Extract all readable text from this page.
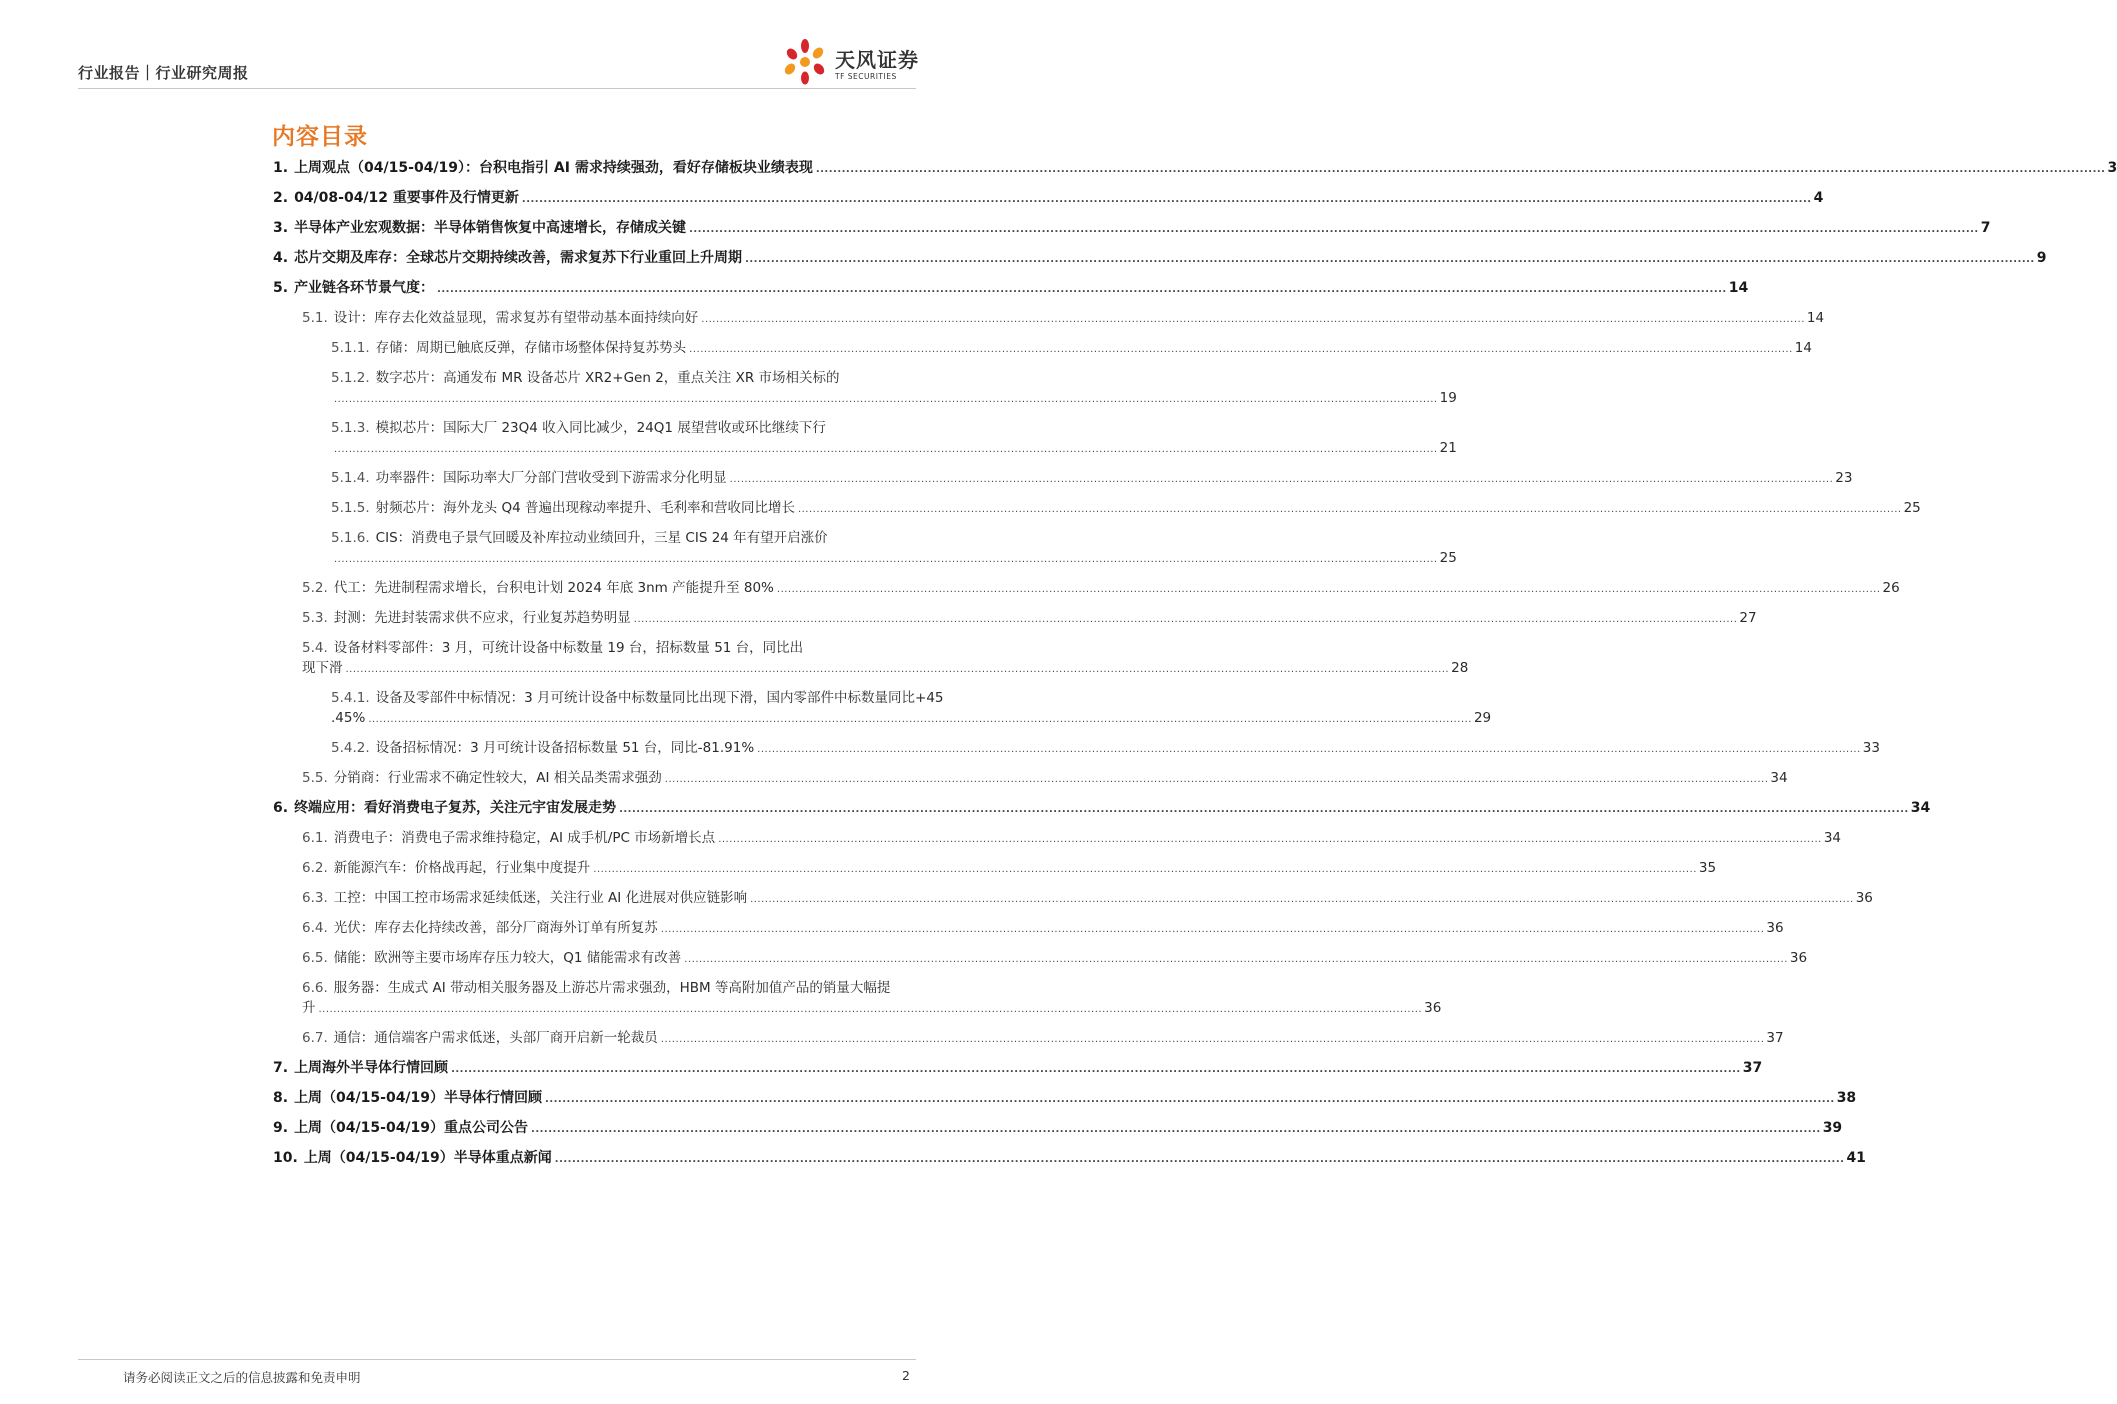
行业报告｜行业研究周报
天风证券
TF SECURITIES
内容目录
1. 上周观点（04/15-04/19）：台积电指引 AI 需求持续强劲，看好存储板块业绩表现 ............................................................................................................................................................................................................................................................................................................ 3
2. 04/08-04/12 重要事件及行情更新 ............................................................................................................................................................................................................................................................................................................ 4
3. 半导体产业宏观数据：半导体销售恢复中高速增长，存储成关键 ............................................................................................................................................................................................................................................................................................................ 7
4. 芯片交期及库存：全球芯片交期持续改善，需求复苏下行业重回上升周期 ............................................................................................................................................................................................................................................................................................................ 9
5. 产业链各环节景气度： ............................................................................................................................................................................................................................................................................................................ 14
5.1. 设计：库存去化效益显现，需求复苏有望带动基本面持续向好 ............................................................................................................................................................................................................................................................................................................ 14
5.1.1. 存储：周期已触底反弹，存储市场整体保持复苏势头 ............................................................................................................................................................................................................................................................................................................ 14
5.1.2. 数字芯片：高通发布 MR 设备芯片 XR2+Gen 2，重点关注 XR 市场相关标的
............................................................................................................................................................................................................................................................................................................ 19
5.1.3. 模拟芯片：国际大厂 23Q4 收入同比减少，24Q1 展望营收或环比继续下行
............................................................................................................................................................................................................................................................................................................ 21
5.1.4. 功率器件：国际功率大厂分部门营收受到下游需求分化明显 ............................................................................................................................................................................................................................................................................................................ 23
5.1.5. 射频芯片：海外龙头 Q4 普遍出现稼动率提升、毛利率和营收同比增长 ............................................................................................................................................................................................................................................................................................................ 25
5.1.6. CIS：消费电子景气回暖及补库拉动业绩回升，三星 CIS 24 年有望开启涨价
............................................................................................................................................................................................................................................................................................................ 25
5.2. 代工：先进制程需求增长，台积电计划 2024 年底 3nm 产能提升至 80% ............................................................................................................................................................................................................................................................................................................ 26
5.3. 封测：先进封装需求供不应求，行业复苏趋势明显 ............................................................................................................................................................................................................................................................................................................ 27
5.4. 设备材料零部件：3 月，可统计设备中标数量 19 台，招标数量 51 台，同比出
现下滑 ............................................................................................................................................................................................................................................................................................................ 28
5.4.1. 设备及零部件中标情况：3 月可统计设备中标数量同比出现下滑，国内零部件中标数量同比+45
.45% ............................................................................................................................................................................................................................................................................................................ 29
5.4.2. 设备招标情况：3 月可统计设备招标数量 51 台，同比-81.91% ............................................................................................................................................................................................................................................................................................................ 33
5.5. 分销商：行业需求不确定性较大，AI 相关品类需求强劲 ............................................................................................................................................................................................................................................................................................................ 34
6. 终端应用：看好消费电子复苏，关注元宇宙发展走势 ............................................................................................................................................................................................................................................................................................................ 34
6.1. 消费电子：消费电子需求维持稳定，AI 成手机/PC 市场新增长点 ............................................................................................................................................................................................................................................................................................................ 34
6.2. 新能源汽车：价格战再起，行业集中度提升 ............................................................................................................................................................................................................................................................................................................ 35
6.3. 工控：中国工控市场需求延续低迷，关注行业 AI 化进展对供应链影响 ............................................................................................................................................................................................................................................................................................................ 36
6.4. 光伏：库存去化持续改善，部分厂商海外订单有所复苏 ............................................................................................................................................................................................................................................................................................................ 36
6.5. 储能：欧洲等主要市场库存压力较大，Q1 储能需求有改善 ............................................................................................................................................................................................................................................................................................................ 36
6.6. 服务器：生成式 AI 带动相关服务器及上游芯片需求强劲，HBM 等高附加值产品的销量大幅提
升 ............................................................................................................................................................................................................................................................................................................ 36
6.7. 通信：通信端客户需求低迷，头部厂商开启新一轮裁员 ............................................................................................................................................................................................................................................................................................................ 37
7. 上周海外半导体行情回顾 ............................................................................................................................................................................................................................................................................................................ 37
8. 上周（04/15-04/19）半导体行情回顾 ............................................................................................................................................................................................................................................................................................................ 38
9. 上周（04/15-04/19）重点公司公告 ............................................................................................................................................................................................................................................................................................................ 39
10. 上周（04/15-04/19）半导体重点新闻 ............................................................................................................................................................................................................................................................................................................ 41
请务必阅读正文之后的信息披露和免责申明	2
